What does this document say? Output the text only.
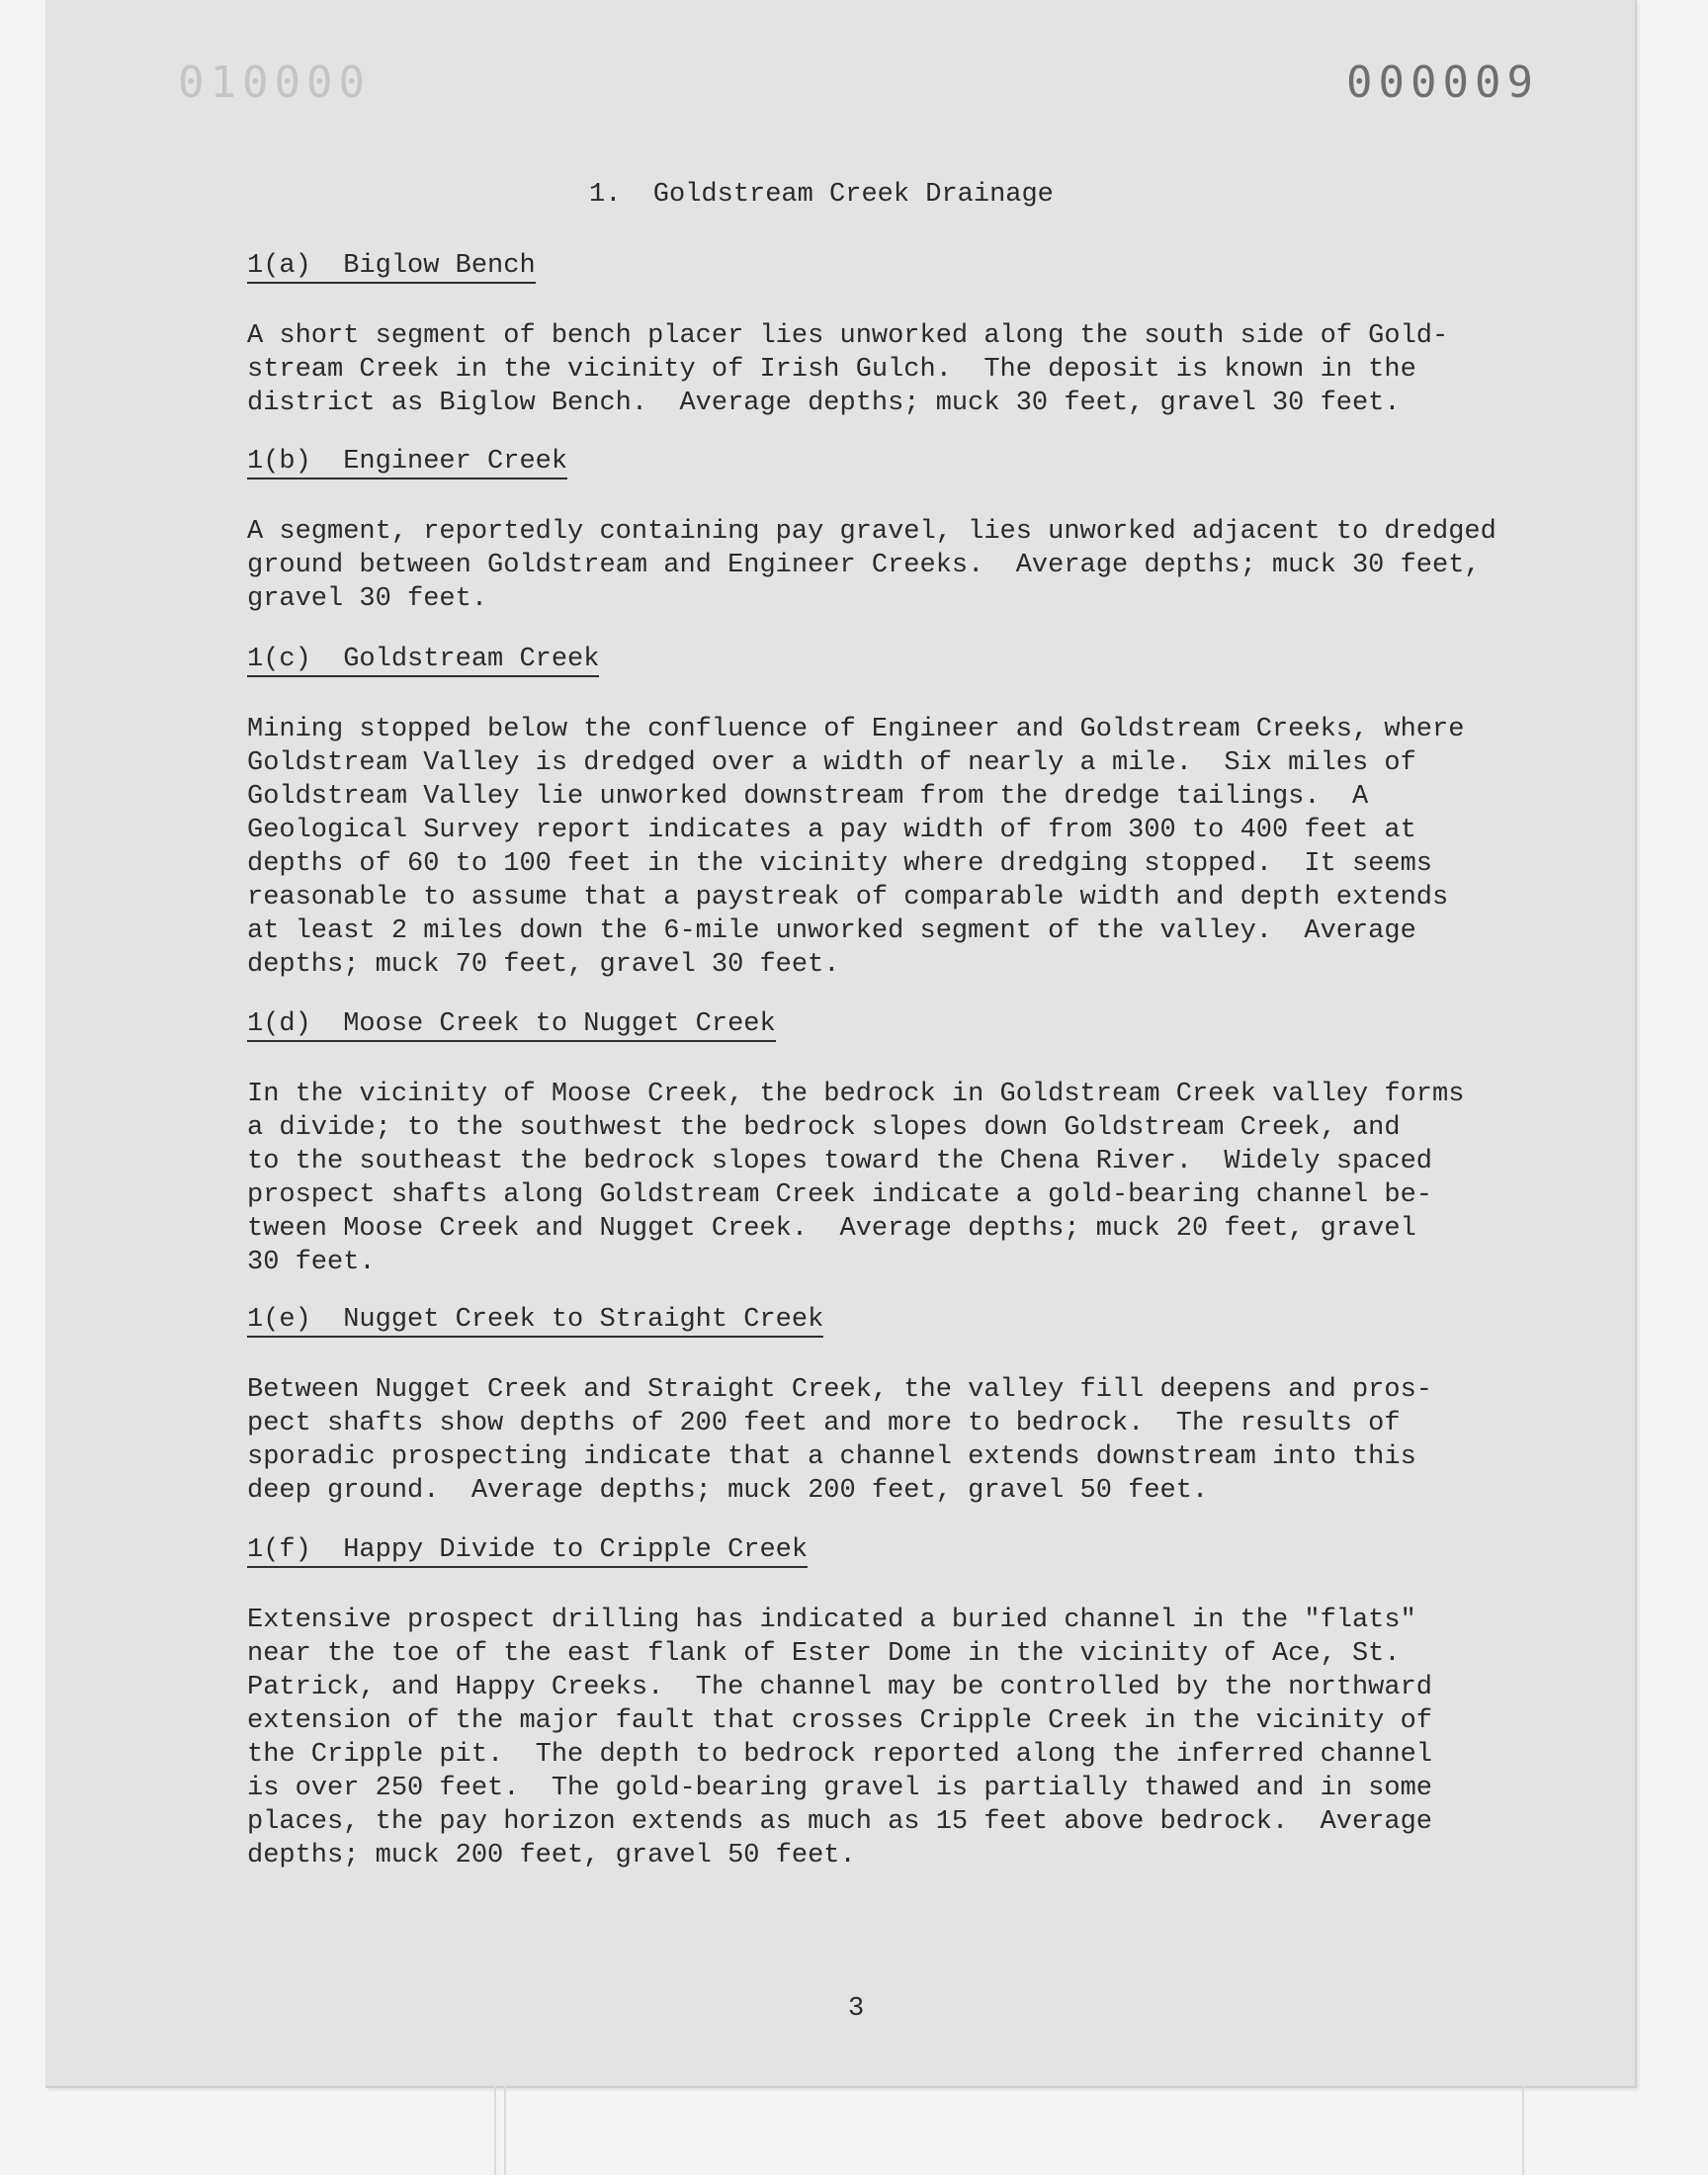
010000	000009
1.  Goldstream Creek Drainage
1(a)  Biglow Bench

A short segment of bench placer lies unworked along the south side of Gold-
stream Creek in the vicinity of Irish Gulch.  The deposit is known in the
district as Biglow Bench.  Average depths; muck 30 feet, gravel 30 feet.

1(b)  Engineer Creek

A segment, reportedly containing pay gravel, lies unworked adjacent to dredged
ground between Goldstream and Engineer Creeks.  Average depths; muck 30 feet,
gravel 30 feet.

1(c)  Goldstream Creek

Mining stopped below the confluence of Engineer and Goldstream Creeks, where
Goldstream Valley is dredged over a width of nearly a mile.  Six miles of
Goldstream Valley lie unworked downstream from the dredge tailings.  A
Geological Survey report indicates a pay width of from 300 to 400 feet at
depths of 60 to 100 feet in the vicinity where dredging stopped.  It seems
reasonable to assume that a paystreak of comparable width and depth extends
at least 2 miles down the 6-mile unworked segment of the valley.  Average
depths; muck 70 feet, gravel 30 feet.

1(d)  Moose Creek to Nugget Creek

In the vicinity of Moose Creek, the bedrock in Goldstream Creek valley forms
a divide; to the southwest the bedrock slopes down Goldstream Creek, and
to the southeast the bedrock slopes toward the Chena River.  Widely spaced
prospect shafts along Goldstream Creek indicate a gold-bearing channel be-
tween Moose Creek and Nugget Creek.  Average depths; muck 20 feet, gravel
30 feet.

1(e)  Nugget Creek to Straight Creek

Between Nugget Creek and Straight Creek, the valley fill deepens and pros-
pect shafts show depths of 200 feet and more to bedrock.  The results of
sporadic prospecting indicate that a channel extends downstream into this
deep ground.  Average depths; muck 200 feet, gravel 50 feet.

1(f)  Happy Divide to Cripple Creek

Extensive prospect drilling has indicated a buried channel in the "flats"
near the toe of the east flank of Ester Dome in the vicinity of Ace, St.
Patrick, and Happy Creeks.  The channel may be controlled by the northward
extension of the major fault that crosses Cripple Creek in the vicinity of
the Cripple pit.  The depth to bedrock reported along the inferred channel
is over 250 feet.  The gold-bearing gravel is partially thawed and in some
places, the pay horizon extends as much as 15 feet above bedrock.  Average
depths; muck 200 feet, gravel 50 feet.

3
